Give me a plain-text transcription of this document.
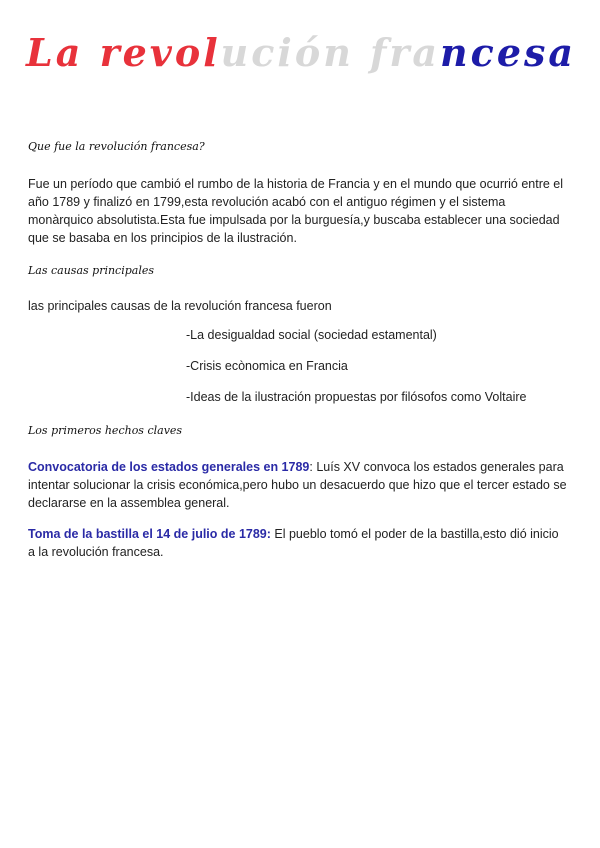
La revolución francesa
Que fue la revolución francesa?
Fue un período que cambió el rumbo de la historia de Francia y en el mundo que ocurrió entre el año 1789 y finalizó en 1799,esta revolución acabó con el antiguo régimen y el sistema monàrquico absolutista.Esta fue impulsada por la burguesía,y buscaba establecer una sociedad que se basaba en los principios de la ilustración.
Las causas principales
las principales causas de la revolución francesa fueron
-La desigualdad social (sociedad estamental)
-Crisis ecònomica en Francia
-Ideas de la ilustración propuestas por filósofos como Voltaire
Los primeros hechos claves
Convocatoria de los estados generales en 1789: Luís XV convoca los estados generales para intentar solucionar la crisis económica,pero hubo un desacuerdo que hizo que el tercer estado se declararse en la assemblea general.
Toma de la bastilla el 14 de julio de 1789: El pueblo tomó el poder de la bastilla,esto dió inicio a la revolución francesa.
